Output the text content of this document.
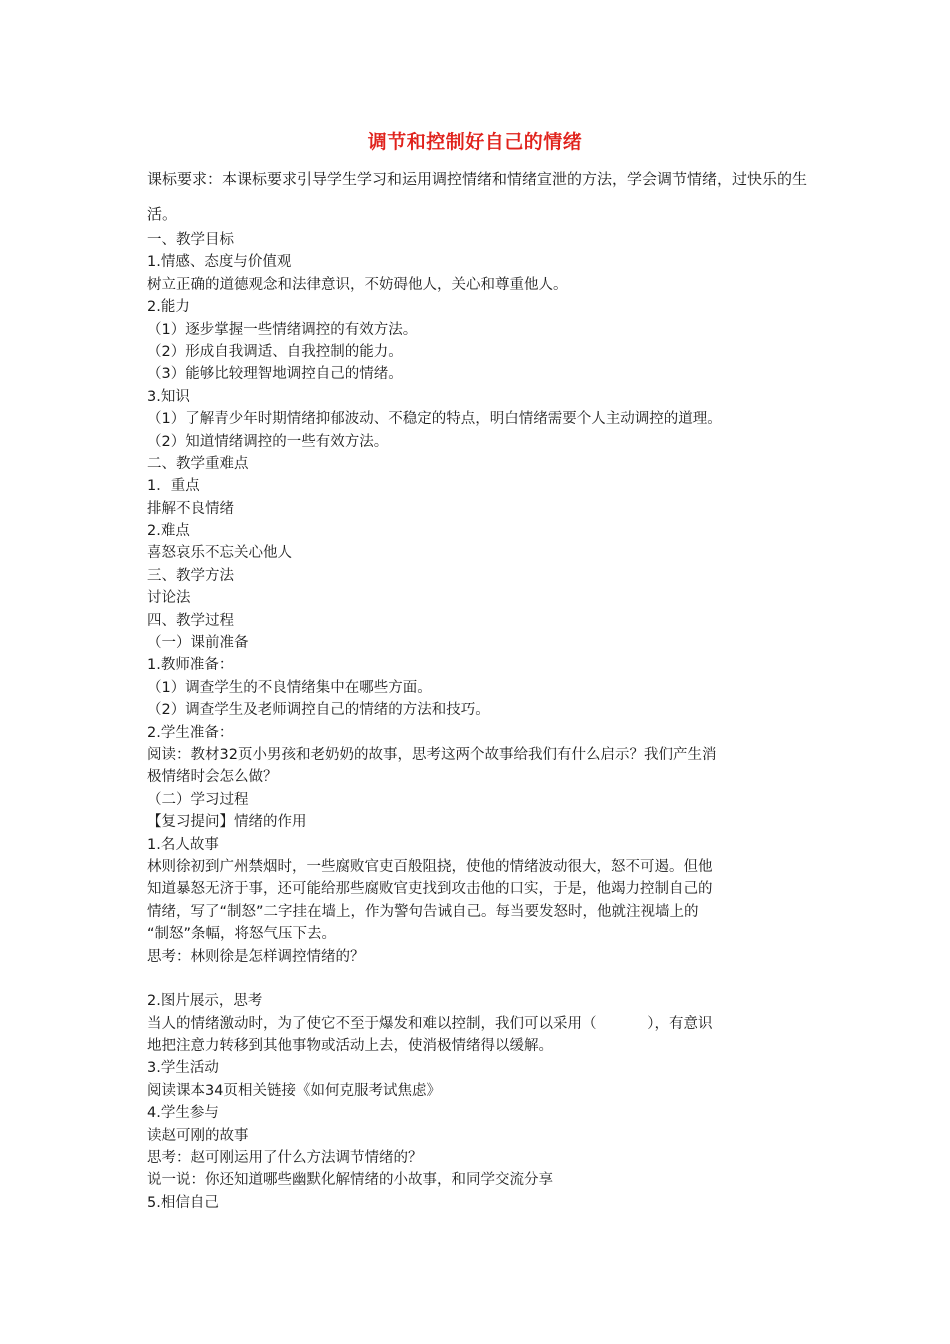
调节和控制好自己的情绪
课标要求：本课标要求引导学生学习和运用调控情绪和情绪宣泄的方法，学会调节情绪，过快乐的生活。
一、教学目标
1.情感、态度与价值观
树立正确的道德观念和法律意识，不妨碍他人，关心和尊重他人。
2.能力
（1）逐步掌握一些情绪调控的有效方法。
（2）形成自我调适、自我控制的能力。
（3）能够比较理智地调控自己的情绪。
3.知识
（1）了解青少年时期情绪抑郁波动、不稳定的特点，明白情绪需要个人主动调控的道理。
（2）知道情绪调控的一些有效方法。
二、教学重难点
1．重点
排解不良情绪
2.难点
喜怒哀乐不忘关心他人
三、教学方法
讨论法
四、教学过程
（一）课前准备
1.教师准备：
（1）调查学生的不良情绪集中在哪些方面。
（2）调查学生及老师调控自己的情绪的方法和技巧。
2.学生准备：
阅读：教材32页小男孩和老奶奶的故事，思考这两个故事给我们有什么启示？我们产生消
极情绪时会怎么做？
（二）学习过程
【复习提问】情绪的作用
1.名人故事
林则徐初到广州禁烟时，一些腐败官吏百般阻挠，使他的情绪波动很大，怒不可遏。但他
知道暴怒无济于事，还可能给那些腐败官吏找到攻击他的口实，于是，他竭力控制自己的
情绪，写了“制怒”二字挂在墙上，作为警句告诫自己。每当要发怒时，他就注视墙上的
“制怒”条幅，将怒气压下去。
思考：林则徐是怎样调控情绪的？
2.图片展示，思考
当人的情绪激动时，为了使它不至于爆发和难以控制，我们可以采用（           ），有意识
地把注意力转移到其他事物或活动上去，使消极情绪得以缓解。
3.学生活动
阅读课本34页相关链接《如何克服考试焦虑》
4.学生参与
读赵可刚的故事
思考：赵可刚运用了什么方法调节情绪的？
说一说：你还知道哪些幽默化解情绪的小故事，和同学交流分享
5.相信自己
